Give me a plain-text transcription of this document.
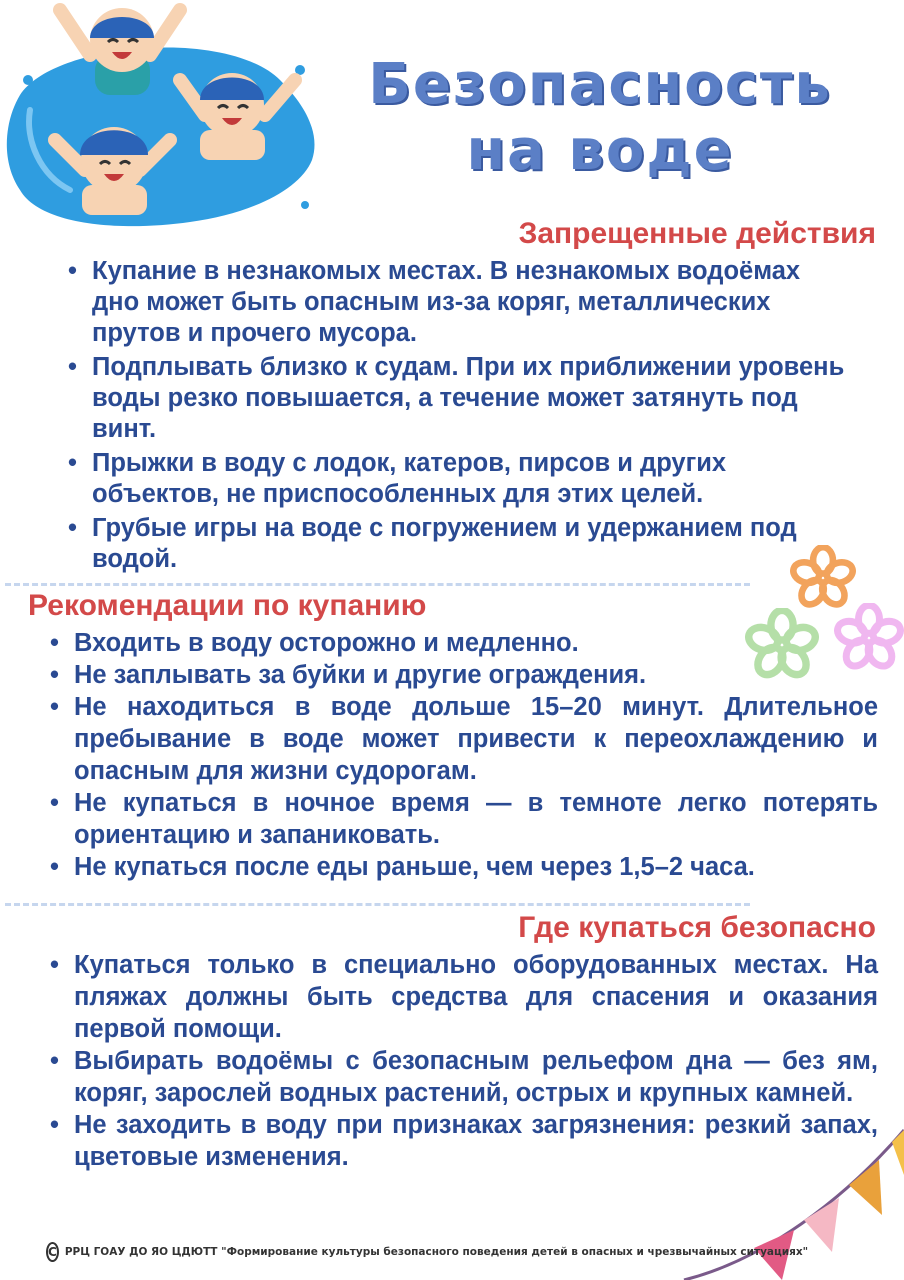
Безопасность
на воде
Запрещенные действия
• Купание в незнакомых местах. В незнакомых водоёмах дно может быть опасным из-за коряг, металлических прутов и прочего мусора.
• Подплывать близко к судам. При их приближении уровень воды резко повышается, а течение может затянуть под винт.
• Прыжки в воду с лодок, катеров, пирсов и других объектов, не приспособленных для этих целей.
• Грубые игры на воде с погружением и удержанием под водой.
Рекомендации по купанию
• Входить в воду осторожно и медленно.
• Не заплывать за буйки и другие ограждения.
• Не находиться в воде дольше 15–20 минут. Длительное пребывание в воде может привести к переохлаждению и опасным для жизни судорогам.
• Не купаться в ночное время — в темноте легко потерять ориентацию и запаниковать.
• Не купаться после еды раньше, чем через 1,5–2 часа.
Где купаться безопасно
• Купаться только в специально оборудованных местах. На пляжах должны быть средства для спасения и оказания первой помощи.
• Выбирать водоёмы с безопасным рельефом дна — без ям, коряг, зарослей водных растений, острых и крупных камней.
• Не заходить в воду при признаках загрязнения: резкий запах, цветовые изменения.
C РРЦ ГОАУ ДО ЯО ЦДЮТТ "Формирование культуры безопасного поведения детей в опасных и чрезвычайных ситуациях"
